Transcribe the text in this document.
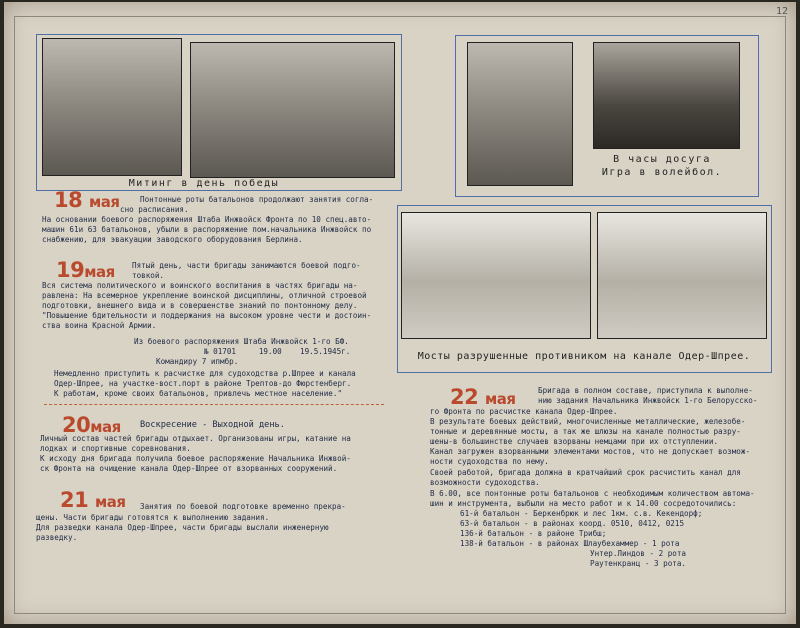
12
Митинг в день победы
В часы досуга
Игра в волейбол.
Мосты разрушенные противником на канале Одер-Шпрее.
18 мая	Понтонные роты батальонов продолжают занятия согла-
сно расписания.
На основании боевого распоряжения Штаба Инжвойск Фронта по 10 спец.авто-
машин 61и 63 батальонов, убыли в распоряжение пом.начальника Инжвойск по
снабжению, для эвакуации заводского оборудования Берлина.
19мая Пятый день, части бригады занимаются боевой подго-
товкой.
Вся система политического и воинского воспитания в частях бригады на-
равлена: На всемерное укрепление воинской дисциплины, отличной строевой
подготовки, внешнего вида и в совершенстве знаний по понтонному делу.
"Повышение бдительности и поддержания на высоком уровне чести и достоин-
ства воина Красной Армии.
Из боевого распоряжения Штаба Инжвойск 1-го БФ.
№ 01701     19.00    19.5.1945г.
Командиру 7 ипмбр.
Немедленно приступить к расчистке для судоходства р.Шпрее и канала
Одер-Шпрее, на участке-вост.порт в районе Трептов-до Фюрстенберг.
К работам, кроме своих батальонов, привлечь местное население."
20мая Воскресение - Выходной день.
Личный состав частей бригады отдыхает. Организованы игры, катание на
лодках и спортивные соревнования.
К исходу дня бригада получила боевое распоряжение Начальника Инжвой-
ск Фронта на очищение канала Одер-Шпрее от взорванных сооружений.
21 мая Занятия по боевой подготовке временно прекра-
щены. Части бригады готовятся к выполнению задания.
Для разведки канала Одер-Шпрее, части бригады выслали инженерную
разведку.
22 мая	Бригада в полном составе, приступила к выполне-
нию задания Начальника Инжвойск 1-го Белорусско-
го Фронта по расчистке канала Одер-Шпрее.
В результате боевых действий, многочисленные металлические, железобе-
тонные и деревянные мосты, а так же шлюзы на канале полностью разру-
шены-в большинстве случаев взорваны немцами при их отступлении.
Канал загружен взорванными элементами мостов, что не допускает возмож-
ности судоходства по нему.
Своей работой, бригада должна в кратчайший срок расчистить канал для
возможности судоходства.
В 6.00, все понтонные роты батальонов с необходимым количеством автома-
шин и инструмента, выбыли на место работ и к 14.00 сосредоточились:
61-й батальон - Беркенбрюк и лес 1км. с.в. Кекендорф;
63-й батальон - в районах коорд. 0510, 0412, 0215
136-й батальон - в районе Трибш;
138-й батальон - в районах Шлаубехаммер - 1 рота
Унтер.Линдов - 2 рота
Раутенкранц - 3 рота.
